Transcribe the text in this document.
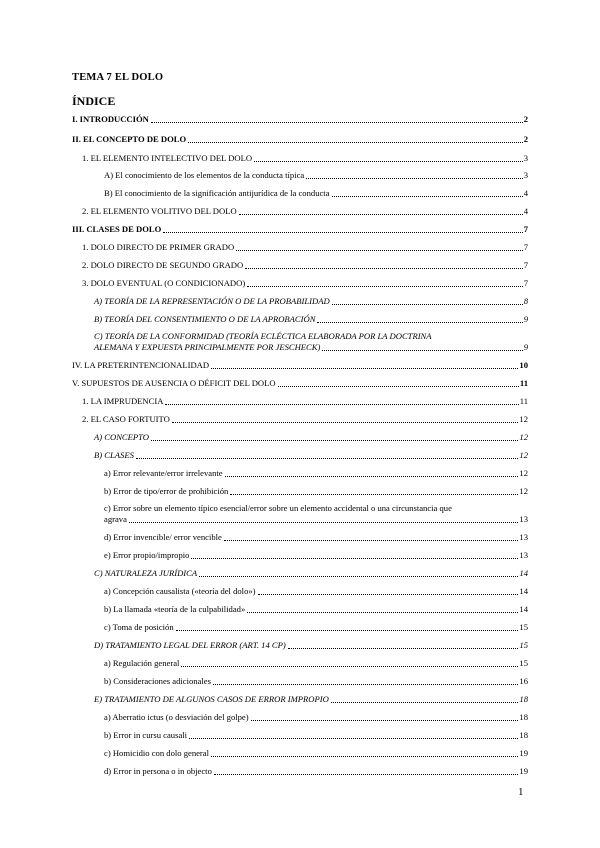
TEMA 7 EL DOLO
ÍNDICE
I. INTRODUCCIÓN	2
II. EL CONCEPTO DE DOLO	2
1. EL ELEMENTO INTELECTIVO DEL DOLO	3
A) El conocimiento de los elementos de la conducta típica	3
B) El conocimiento de la significación antijurídica de la conducta	4
2. EL ELEMENTO VOLITIVO DEL DOLO	4
III. CLASES DE DOLO	7
1. DOLO DIRECTO DE PRIMER GRADO	7
2. DOLO DIRECTO DE SEGUNDO GRADO	7
3. DOLO EVENTUAL (O CONDICIONADO)	7
A) TEORÍA DE LA REPRESENTACIÓN O DE LA PROBABILIDAD	8
B) TEORÍA DEL CONSENTIMIENTO O DE LA APROBACIÓN	9
C) TEORÍA DE LA CONFORMIDAD (TEORÍA ECLÉCTICA ELABORADA POR LA DOCTRINA
ALEMANA Y EXPUESTA PRINCIPALMENTE POR JESCHECK)	9
IV. LA PRETERINTENCIONALIDAD	10
V. SUPUESTOS DE AUSENCIA O DÉFICIT DEL DOLO	11
1. LA IMPRUDENCIA	11
2. EL CASO FORTUITO	12
A) CONCEPTO	12
B) CLASES	12
a) Error relevante/error irrelevante	12
b) Error de tipo/error de prohibición	12
c) Error sobre un elemento típico esencial/error sobre un elemento accidental o una circunstancia que
agrava	13
d) Error invencible/ error vencible	13
e) Error propio/impropio	13
C) NATURALEZA JURÍDICA	14
a) Concepción causalista («teoría del dolo»)	14
b) La llamada «teoría de la culpabilidad»	14
c) Toma de posición	15
D) TRATAMIENTO LEGAL DEL ERROR (ART. 14 CP)	15
a) Regulación general	15
b) Consideraciones adicionales	16
E) TRATAMIENTO DE ALGUNOS CASOS DE ERROR IMPROPIO	18
a) Aberratio ictus (o desviación del golpe)	18
b) Error in cursu causali	18
c) Homicidio con dolo general	19
d) Error in persona o in objecto	19
1
